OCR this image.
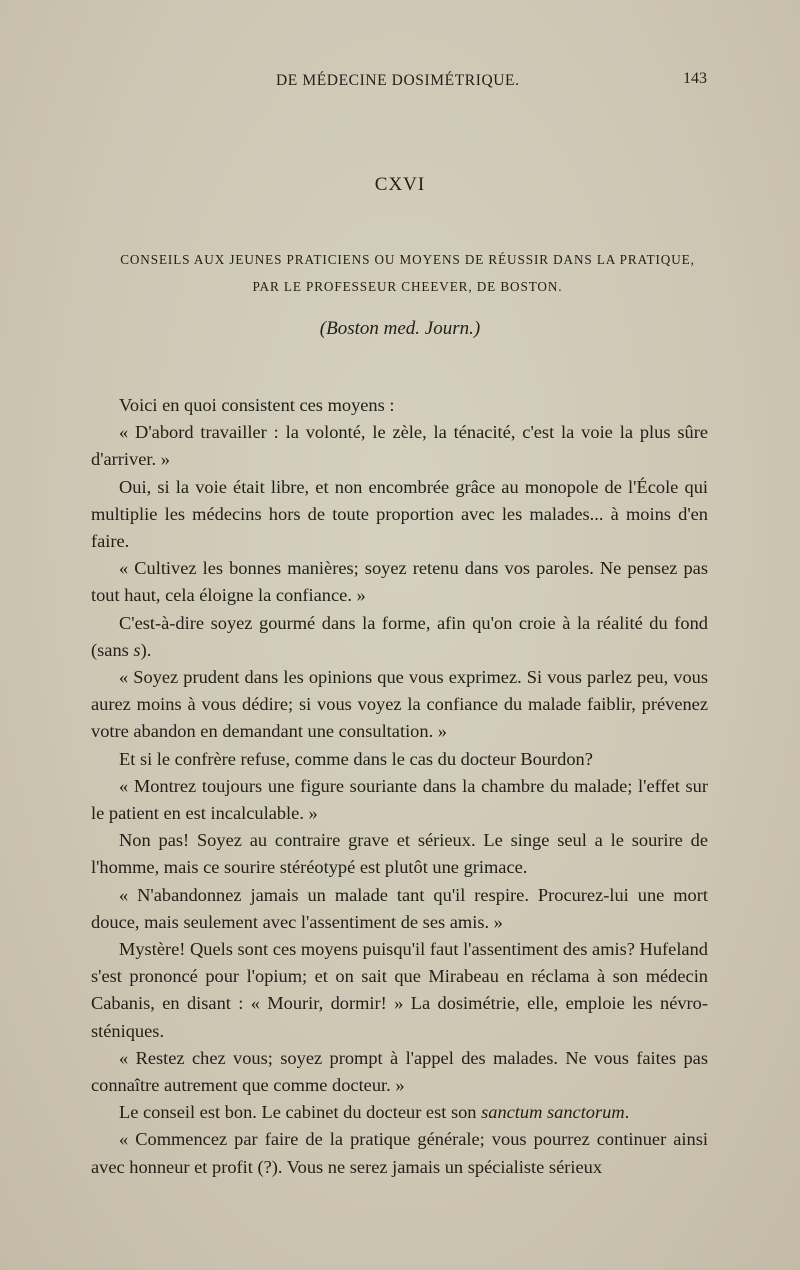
DE MÉDECINE DOSIMÉTRIQUE.	143
CXVI
CONSEILS AUX JEUNES PRATICIENS OU MOYENS DE RÉUSSIR DANS LA PRATIQUE,
PAR LE PROFESSEUR CHEEVER, DE BOSTON.
(Boston med. Journ.)

Voici en quoi consistent ces moyens :

« D'abord travailler : la volonté, le zèle, la ténacité, c'est la voie la plus sûre d'arriver. »

Oui, si la voie était libre, et non encombrée grâce au monopole de l'École qui multiplie les médecins hors de toute proportion avec les malades... à moins d'en faire.

« Cultivez les bonnes manières; soyez retenu dans vos paroles. Ne pensez pas tout haut, cela éloigne la confiance. »

C'est-à-dire soyez gourmé dans la forme, afin qu'on croie à la réalité du fond (sans s).

« Soyez prudent dans les opinions que vous exprimez. Si vous parlez peu, vous aurez moins à vous dédire; si vous voyez la confiance du malade faiblir, prévenez votre abandon en demandant une consultation. »

Et si le confrère refuse, comme dans le cas du docteur Bourdon?

« Montrez toujours une figure souriante dans la chambre du malade; l'effet sur le patient en est incalculable. »

Non pas! Soyez au contraire grave et sérieux. Le singe seul a le sourire de l'homme, mais ce sourire stéréotypé est plutôt une grimace.

« N'abandonnez jamais un malade tant qu'il respire. Procurez-lui une mort douce, mais seulement avec l'assentiment de ses amis. »

Mystère! Quels sont ces moyens puisqu'il faut l'assentiment des amis? Hufeland s'est prononcé pour l'opium; et on sait que Mirabeau en réclama à son médecin Cabanis, en disant : « Mourir, dormir! » La dosimétrie, elle, emploie les névro-sténiques.

« Restez chez vous; soyez prompt à l'appel des malades. Ne vous faites pas connaître autrement que comme docteur. »

Le conseil est bon. Le cabinet du docteur est son sanctum sanctorum.

« Commencez par faire de la pratique générale; vous pourrez continuer ainsi avec honneur et profit (?). Vous ne serez jamais un spécialiste sérieux
